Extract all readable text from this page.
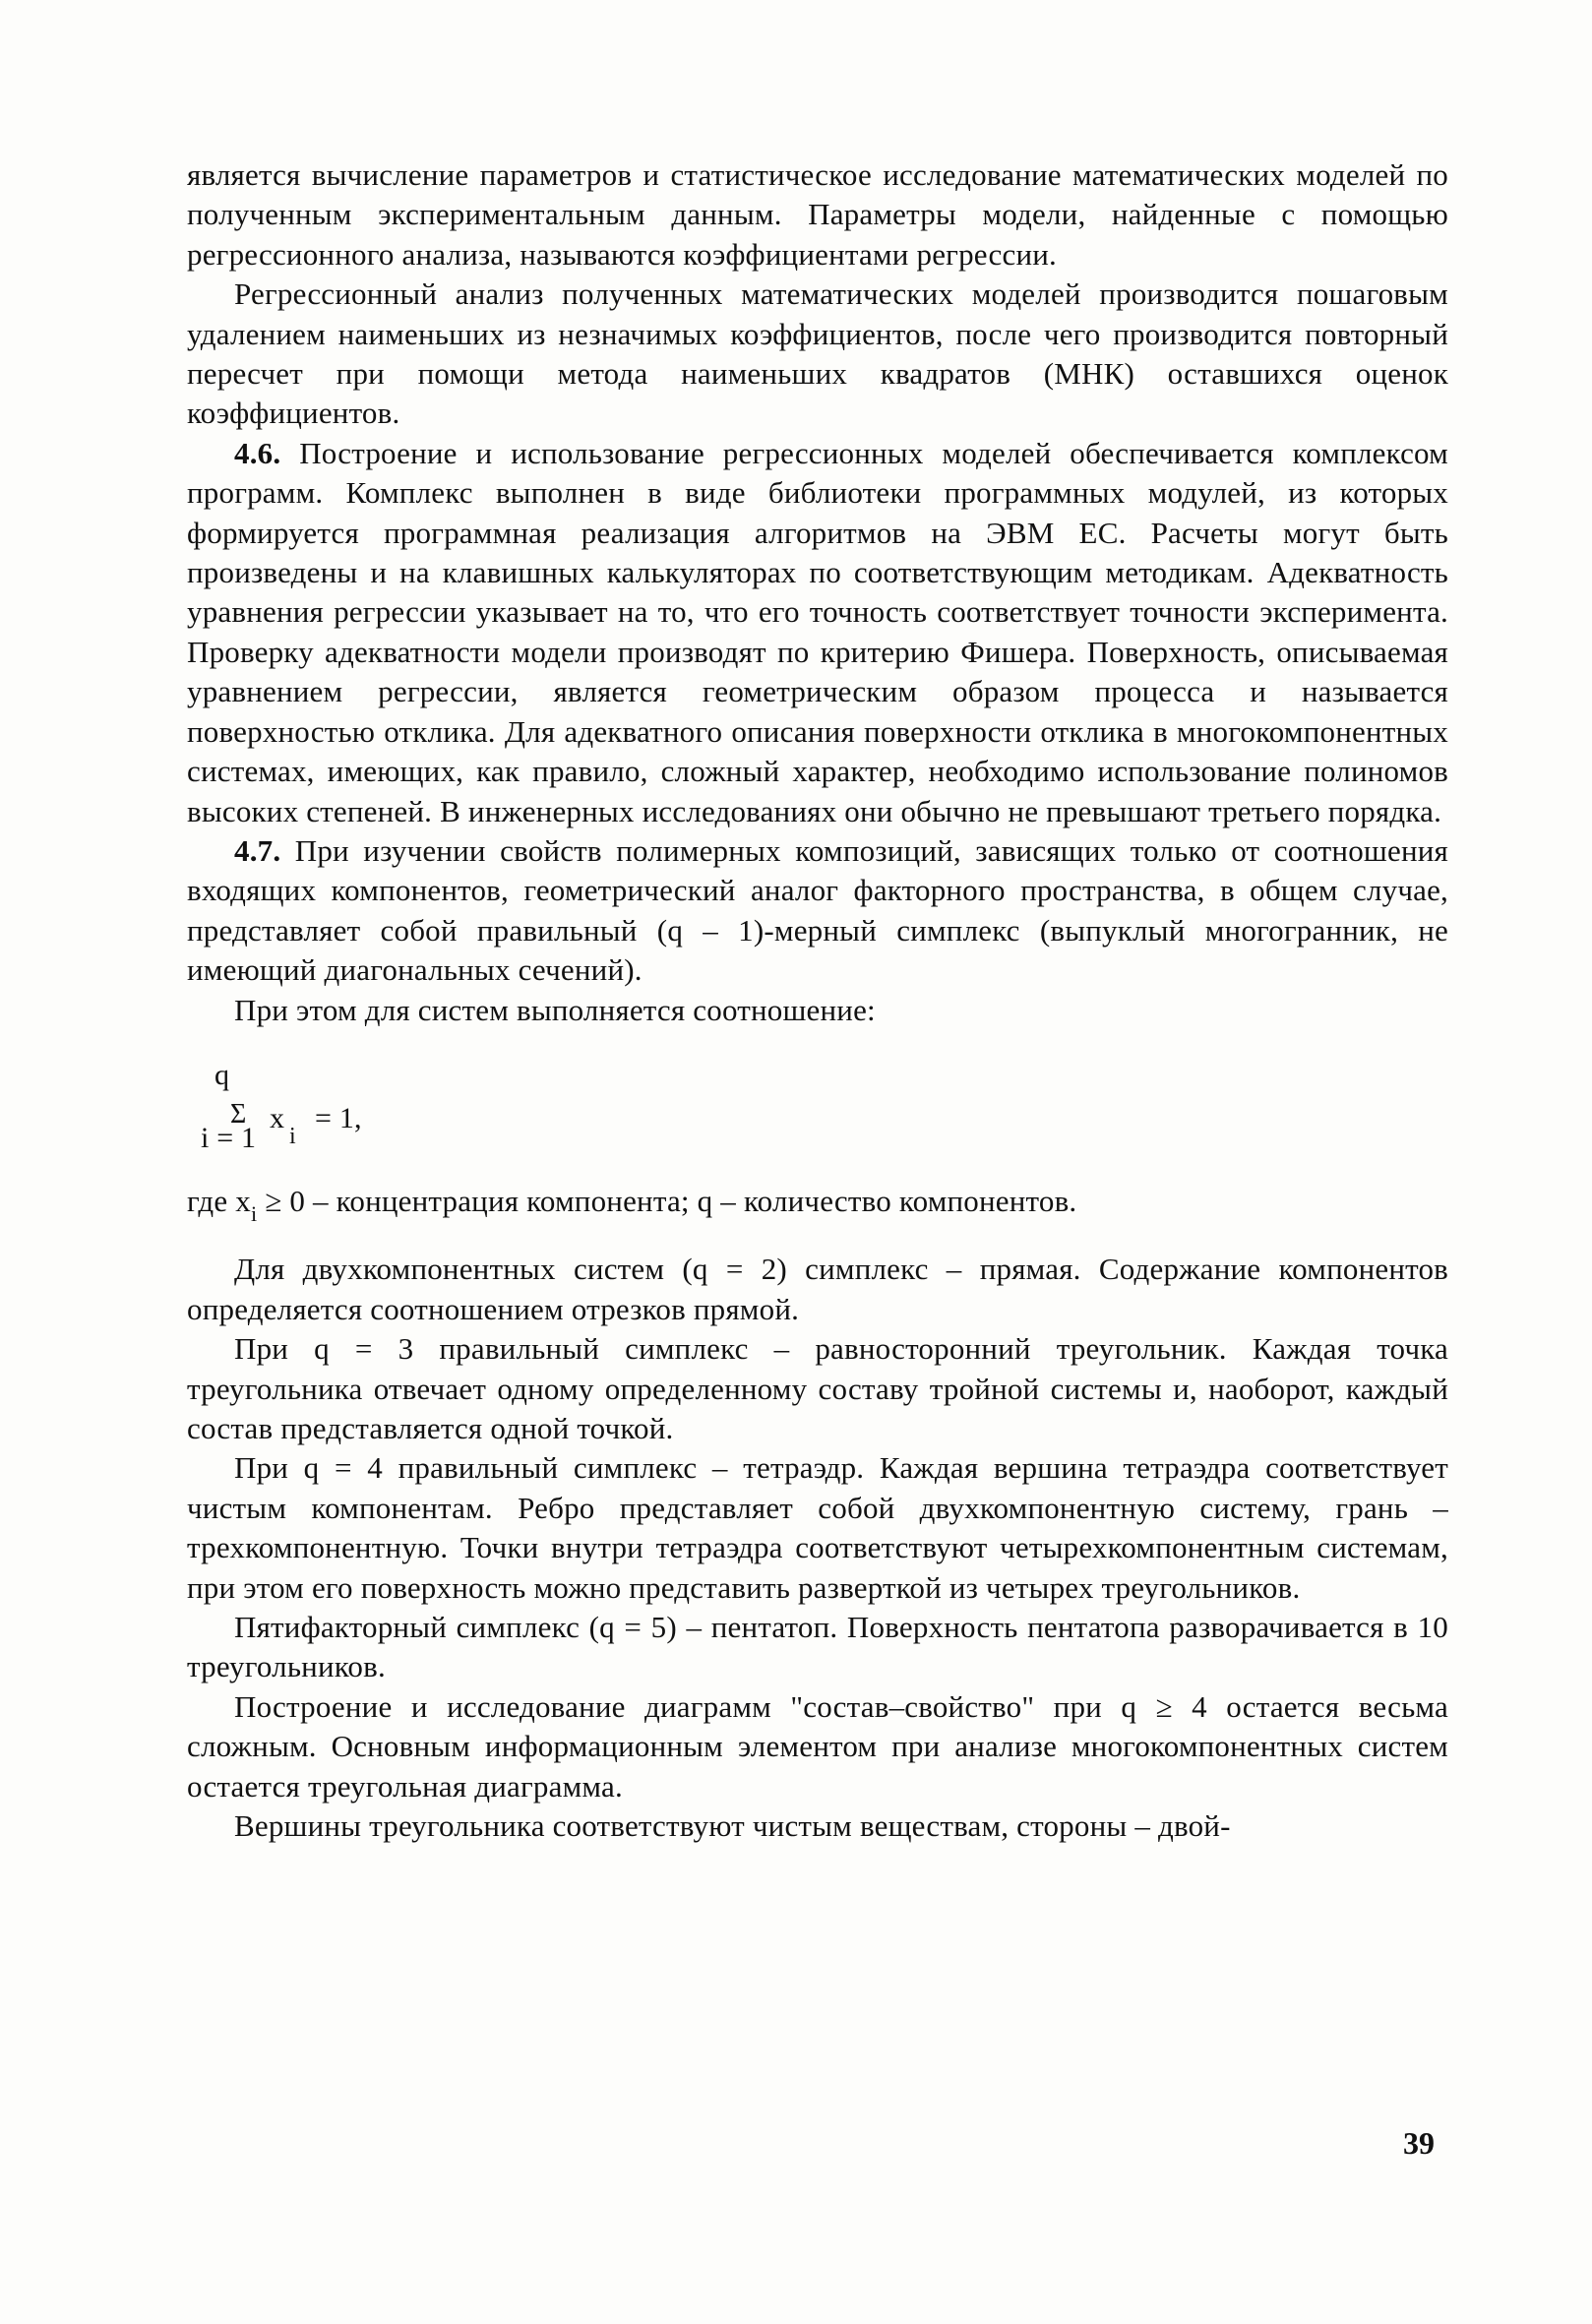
является вычисление параметров и статистическое исследование математических моделей по полученным экспериментальным данным. Параметры модели, найденные с помощью регрессионного анализа, называются коэффициентами регрессии.

Регрессионный анализ полученных математических моделей производится пошаговым удалением наименьших из незначимых коэффициентов, после чего производится повторный пересчет при помощи метода наименьших квадратов (МНК) оставшихся оценок коэффициентов.

4.6. Построение и использование регрессионных моделей обеспечивается комплексом программ. Комплекс выполнен в виде библиотеки программных модулей, из которых формируется программная реализация алгоритмов на ЭВМ ЕС. Расчеты могут быть произведены и на клавишных калькуляторах по соответствующим методикам. Адекватность уравнения регрессии указывает на то, что его точность соответствует точности эксперимента. Проверку адекватности модели производят по критерию Фишера. Поверхность, описываемая уравнением регрессии, является геометрическим образом процесса и называется поверхностью отклика. Для адекватного описания поверхности отклика в многокомпонентных системах, имеющих, как правило, сложный характер, необходимо использование полиномов высоких степеней. В инженерных исследованиях они обычно не превышают третьего порядка.

4.7. При изучении свойств полимерных композиций, зависящих только от соотношения входящих компонентов, геометрический аналог факторного пространства, в общем случае, представляет собой правильный (q – 1)-мерный симплекс (выпуклый многогранник, не имеющий диагональных сечений).

При этом для систем выполняется соотношение:

q
Σ
i = 1
x
i
= 1,

где $x_i \ge 0$ – концентрация компонента; q – количество компонентов.

Для двухкомпонентных систем (q = 2) симплекс – прямая. Содержание компонентов определяется соотношением отрезков прямой.

При q = 3 правильный симплекс – равносторонний треугольник. Каждая точка треугольника отвечает одному определенному составу тройной системы и, наоборот, каждый состав представляется одной точкой.

При q = 4 правильный симплекс – тетраэдр. Каждая вершина тетраэдра соответствует чистым компонентам. Ребро представляет собой двухкомпонентную систему, грань – трехкомпонентную. Точки внутри тетраэдра соответствуют четырехкомпонентным системам, при этом его поверхность можно представить разверткой из четырех треугольников.

Пятифакторный симплекс (q = 5) – пентатоп. Поверхность пентатопа разворачивается в 10 треугольников.

Построение и исследование диаграмм "состав–свойство" при q ≥ 4 остается весьма сложным. Основным информационным элементом при анализе многокомпонентных систем остается треугольная диаграмма.

Вершины треугольника соответствуют чистым веществам, стороны – двой-

39
